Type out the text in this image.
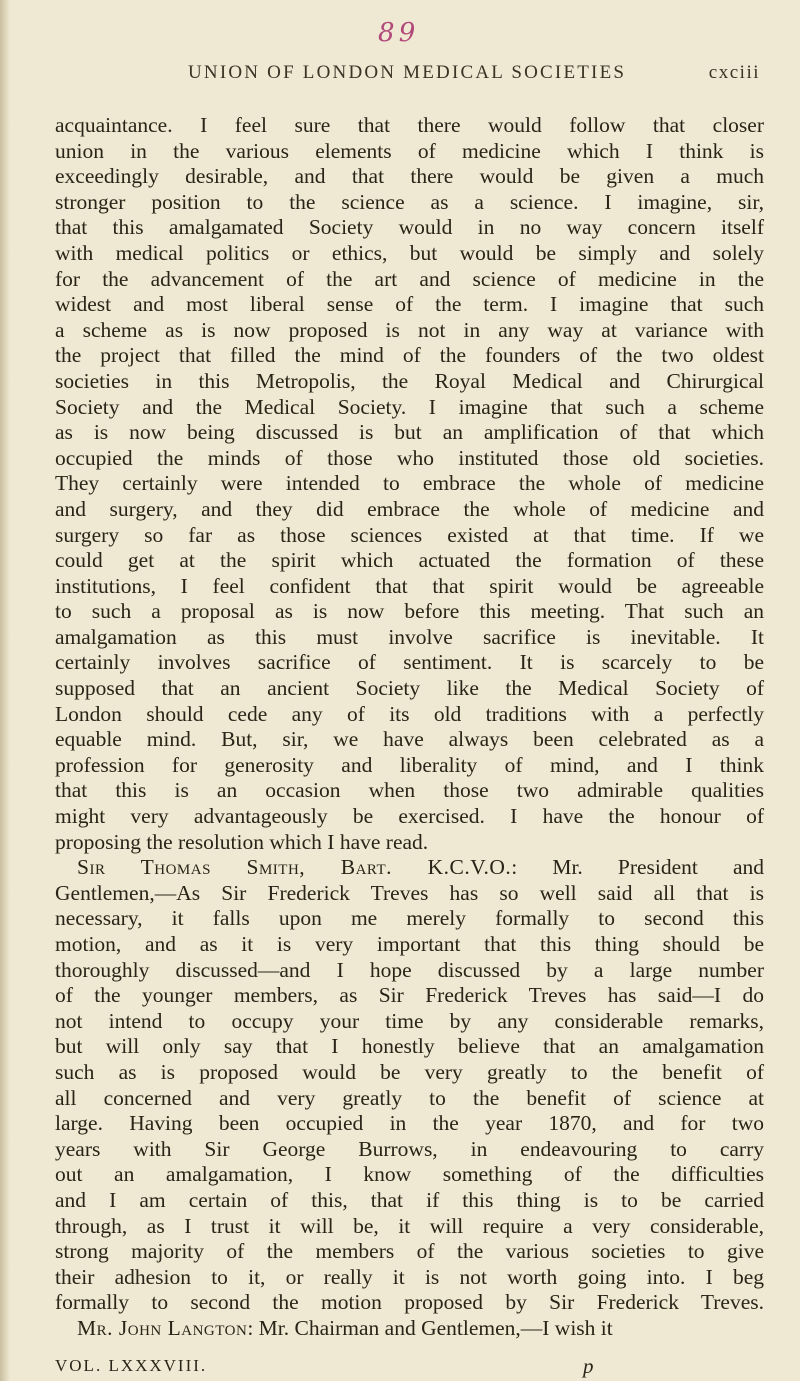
8 9
UNION OF LONDON MEDICAL SOCIETIES	cxciii
acquaintance. I feel sure that there would follow that closer
union in the various elements of medicine which I think is
exceedingly desirable, and that there would be given a much
stronger position to the science as a science. I imagine, sir,
that this amalgamated Society would in no way concern itself
with medical politics or ethics, but would be simply and solely
for the advancement of the art and science of medicine in the
widest and most liberal sense of the term. I imagine that such
a scheme as is now proposed is not in any way at variance with
the project that filled the mind of the founders of the two oldest
societies in this Metropolis, the Royal Medical and Chirurgical
Society and the Medical Society. I imagine that such a scheme
as is now being discussed is but an amplification of that which
occupied the minds of those who instituted those old societies.
They certainly were intended to embrace the whole of medicine
and surgery, and they did embrace the whole of medicine and
surgery so far as those sciences existed at that time. If we
could get at the spirit which actuated the formation of these
institutions, I feel confident that that spirit would be agreeable
to such a proposal as is now before this meeting. That such an
amalgamation as this must involve sacrifice is inevitable. It
certainly involves sacrifice of sentiment. It is scarcely to be
supposed that an ancient Society like the Medical Society of
London should cede any of its old traditions with a perfectly
equable mind. But, sir, we have always been celebrated as a
profession for generosity and liberality of mind, and I think
that this is an occasion when those two admirable qualities
might very advantageously be exercised. I have the honour of
proposing the resolution which I have read.
Sir Thomas Smith, Bart. K.C.V.O.: Mr. President and
Gentlemen,—As Sir Frederick Treves has so well said all that is
necessary, it falls upon me merely formally to second this
motion, and as it is very important that this thing should be
thoroughly discussed—and I hope discussed by a large number
of the younger members, as Sir Frederick Treves has said—I do
not intend to occupy your time by any considerable remarks,
but will only say that I honestly believe that an amalgamation
such as is proposed would be very greatly to the benefit of
all concerned and very greatly to the benefit of science at
large. Having been occupied in the year 1870, and for two
years with Sir George Burrows, in endeavouring to carry
out an amalgamation, I know something of the difficulties
and I am certain of this, that if this thing is to be carried
through, as I trust it will be, it will require a very considerable,
strong majority of the members of the various societies to give
their adhesion to it, or really it is not worth going into. I beg
formally to second the motion proposed by Sir Frederick Treves.
Mr. John Langton: Mr. Chairman and Gentlemen,—I wish it
VOL. LXXXVIII.	p
